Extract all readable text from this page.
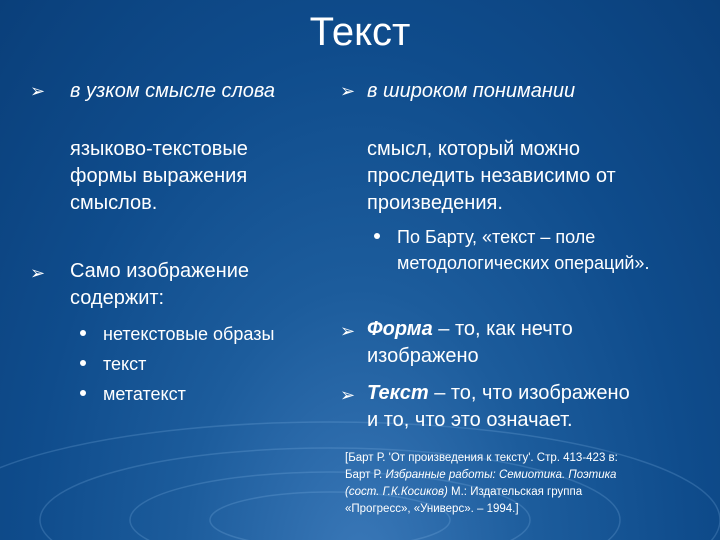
Текст
➢ в узком смысле слова	➢ в широком понимании
языково-текстовые
формы выражения
смыслов.
смысл, который можно
проследить независимо от
произведения.
По Барту, «текст – поле
методологических операций».
➢ Само изображение
содержит:
нетекстовые образы
текст
метатекст
➢ Форма – то, как нечто
изображено
➢ Текст – то, что изображено
и то, что это означает.
[Барт Р. 'От произведения к тексту'. Стр. 413-423 в:
Барт Р. Избранные работы: Семиотика. Поэтика
(сост. Г.К.Косиков) М.: Издательская группа
«Прогресс», «Универс». – 1994.]
